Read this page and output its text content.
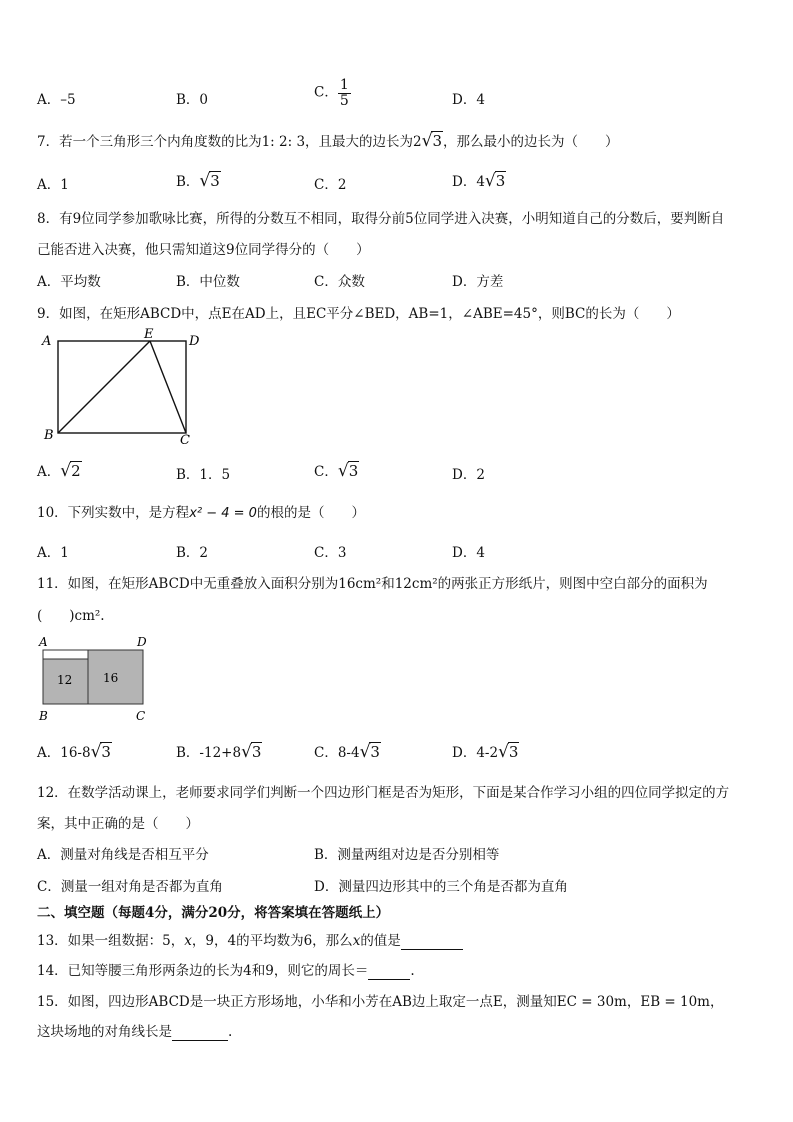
A．–5	B．0	C． $\frac{1}{5}$	D．4
7．若一个三角形三个内角度数的比为1: 2: 3，且最大的边长为2√3，那么最小的边长为（　　）
A．1	B．√3	C．2	D．4√3
8．有9位同学参加歌咏比赛，所得的分数互不相同，取得分前5位同学进入决赛，小明知道自己的分数后，要判断自
己能否进入决赛，他只需知道这9位同学得分的（　　）
A．平均数	B．中位数	C．众数	D．方差
9．如图，在矩形ABCD中，点E在AD上，且EC平分∠BED，AB=1，∠ABE=45°，则BC的长为（　　）
A	E	D
B	C
A．√2	B．1．5	C．√3	D．2
10．下列实数中，是方程x² − 4 = 0的根的是（　　）
A．1	B．2	C．3	D．4
11．如图，在矩形ABCD中无重叠放入面积分别为16cm²和12cm²的两张正方形纸片，则图中空白部分的面积为
(　　)cm².
12	16
A	D
B	C
A．16-8√3	B．-12+8√3	C．8-4√3	D．4-2√3
12．在数学活动课上，老师要求同学们判断一个四边形门框是否为矩形，下面是某合作学习小组的四位同学拟定的方
案，其中正确的是（　　）
A．测量对角线是否相互平分	B．测量两组对边是否分别相等
C．测量一组对角是否都为直角	D．测量四边形其中的三个角是否都为直角
二、填空题（每题4分，满分20分，将答案填在答题纸上）
13．如果一组数据：5，x，9，4的平均数为6，那么x的值是
14．已知等腰三角形两条边的长为4和9，则它的周长＝	.
15．如图，四边形ABCD是一块正方形场地，小华和小芳在AB边上取定一点E，测量知EC = 30m，EB = 10m，
这块场地的对角线长是	.
